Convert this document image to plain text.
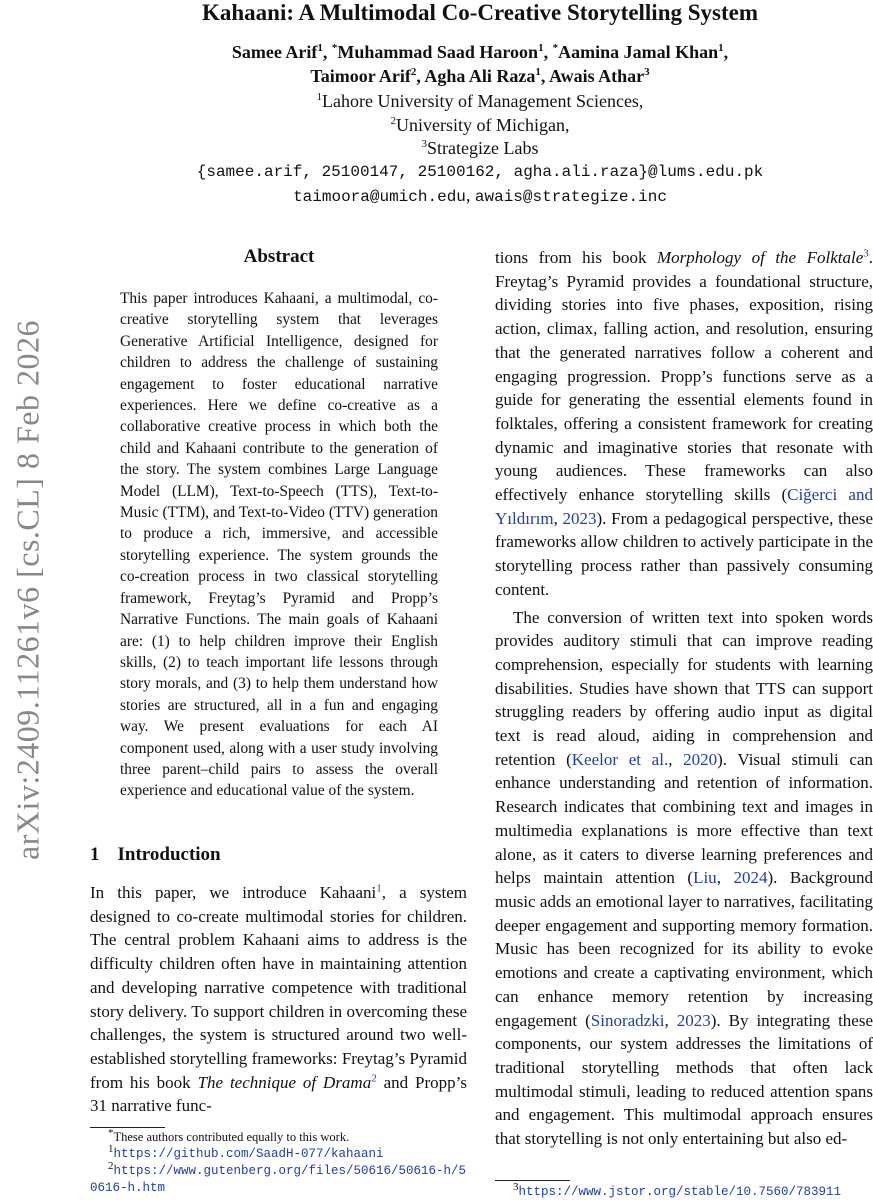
arXiv:2409.11261v6 [cs.CL] 8 Feb 2026
Kahaani: A Multimodal Co-Creative Storytelling System
Samee Arif$^1$, *Muhammad Saad Haroon$^1$, *Aamina Jamal Khan$^1$,
Taimoor Arif$^2$, Agha Ali Raza$^1$, Awais Athar$^3$
$^1$Lahore University of Management Sciences,
$^2$University of Michigan,
$^3$Strategize Labs
{samee.arif, 25100147, 25100162, agha.ali.raza}@lums.edu.pk
taimoora@umich.edu, awais@strategize.inc
Abstract

This paper introduces Kahaani, a multimodal, co-creative storytelling system that leverages Generative Artificial Intelligence, designed for children to address the challenge of sustaining engagement to foster educational narrative experiences. Here we define co-creative as a collaborative creative process in which both the child and Kahaani contribute to the generation of the story. The system combines Large Language Model (LLM), Text-to-Speech (TTS), Text-to-Music (TTM), and Text-to-Video (TTV) generation to produce a rich, immersive, and accessible storytelling experience. The system grounds the co-creation process in two classical storytelling framework, Freytag’s Pyramid and Propp’s Narrative Functions. The main goals of Kahaani are: (1) to help children improve their English skills, (2) to teach important life lessons through story morals, and (3) to help them understand how stories are structured, all in a fun and engaging way. We present evaluations for each AI component used, along with a user study involving three parent–child pairs to assess the overall experience and educational value of the system.

1 Introduction

In this paper, we introduce Kahaani$^1$, a system designed to co-create multimodal stories for children. The central problem Kahaani aims to address is the difficulty children often have in maintaining attention and developing narrative competence with traditional story delivery. To support children in overcoming these challenges, the system is structured around two well-established storytelling frameworks: Freytag’s Pyramid from his book The technique of Drama$^2$ and Propp’s 31 narrative func-

tions from his book Morphology of the Folktale$^3$. Freytag’s Pyramid provides a foundational structure, dividing stories into five phases, exposition, rising action, climax, falling action, and resolution, ensuring that the generated narratives follow a coherent and engaging progression. Propp’s functions serve as a guide for generating the essential elements found in folktales, offering a consistent framework for creating dynamic and imaginative stories that resonate with young audiences. These frameworks can also effectively enhance storytelling skills (Ciğerci and Yıldırım, 2023). From a pedagogical perspective, these frameworks allow children to actively participate in the storytelling process rather than passively consuming content.

The conversion of written text into spoken words provides auditory stimuli that can improve reading comprehension, especially for students with learning disabilities. Studies have shown that TTS can support struggling readers by offering audio input as digital text is read aloud, aiding in comprehension and retention (Keelor et al., 2020). Visual stimuli can enhance understanding and retention of information. Research indicates that combining text and images in multimedia explanations is more effective than text alone, as it caters to diverse learning preferences and helps maintain attention (Liu, 2024). Background music adds an emotional layer to narratives, facilitating deeper engagement and supporting memory formation. Music has been recognized for its ability to evoke emotions and create a captivating environment, which can enhance memory retention by increasing engagement (Sinoradzki, 2023). By integrating these components, our system addresses the limitations of traditional storytelling methods that often lack multimodal stimuli, leading to reduced attention spans and engagement. This multimodal approach ensures that storytelling is not only entertaining but also ed-

*These authors contributed equally to this work.
$^1$https://github.com/SaadH-077/kahaani
$^2$https://www.gutenberg.org/files/50616/50616-h/50616-h.htm	$^3$https://www.jstor.org/stable/10.7560/783911
